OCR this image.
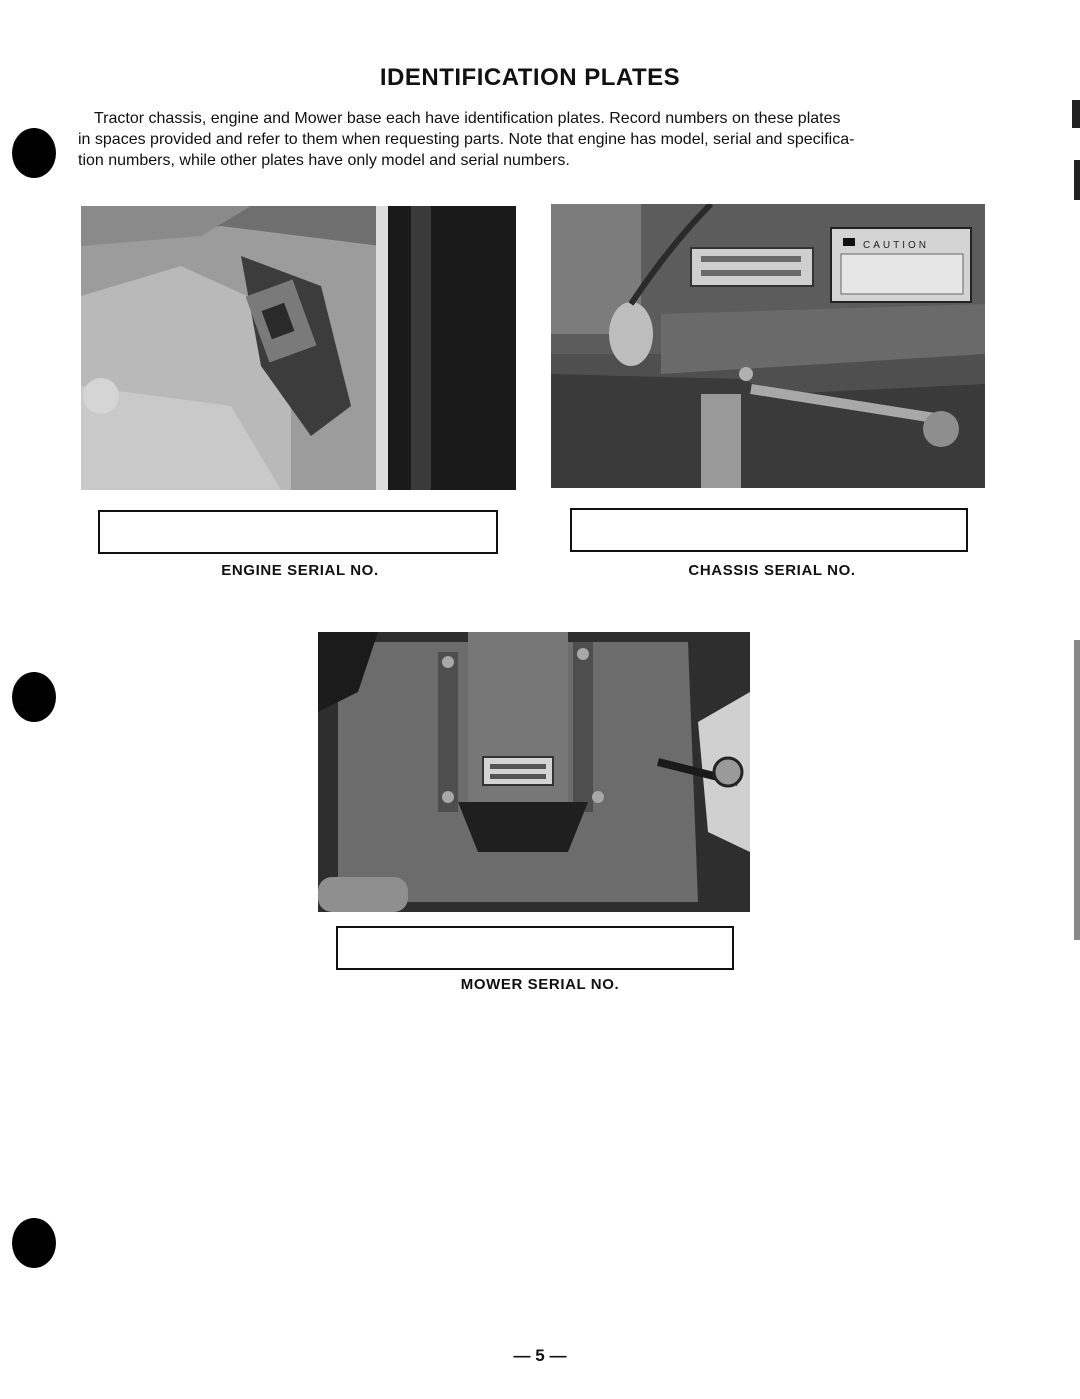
IDENTIFICATION PLATES

Tractor chassis, engine and Mower base each have identification plates. Record numbers on these plates
in spaces provided and refer to them when requesting parts. Note that engine has model, serial and specifica-
tion numbers, while other plates have only model and serial numbers.

CAUTION

ENGINE SERIAL NO.	CHASSIS SERIAL NO.

MOWER SERIAL NO.

— 5 —
